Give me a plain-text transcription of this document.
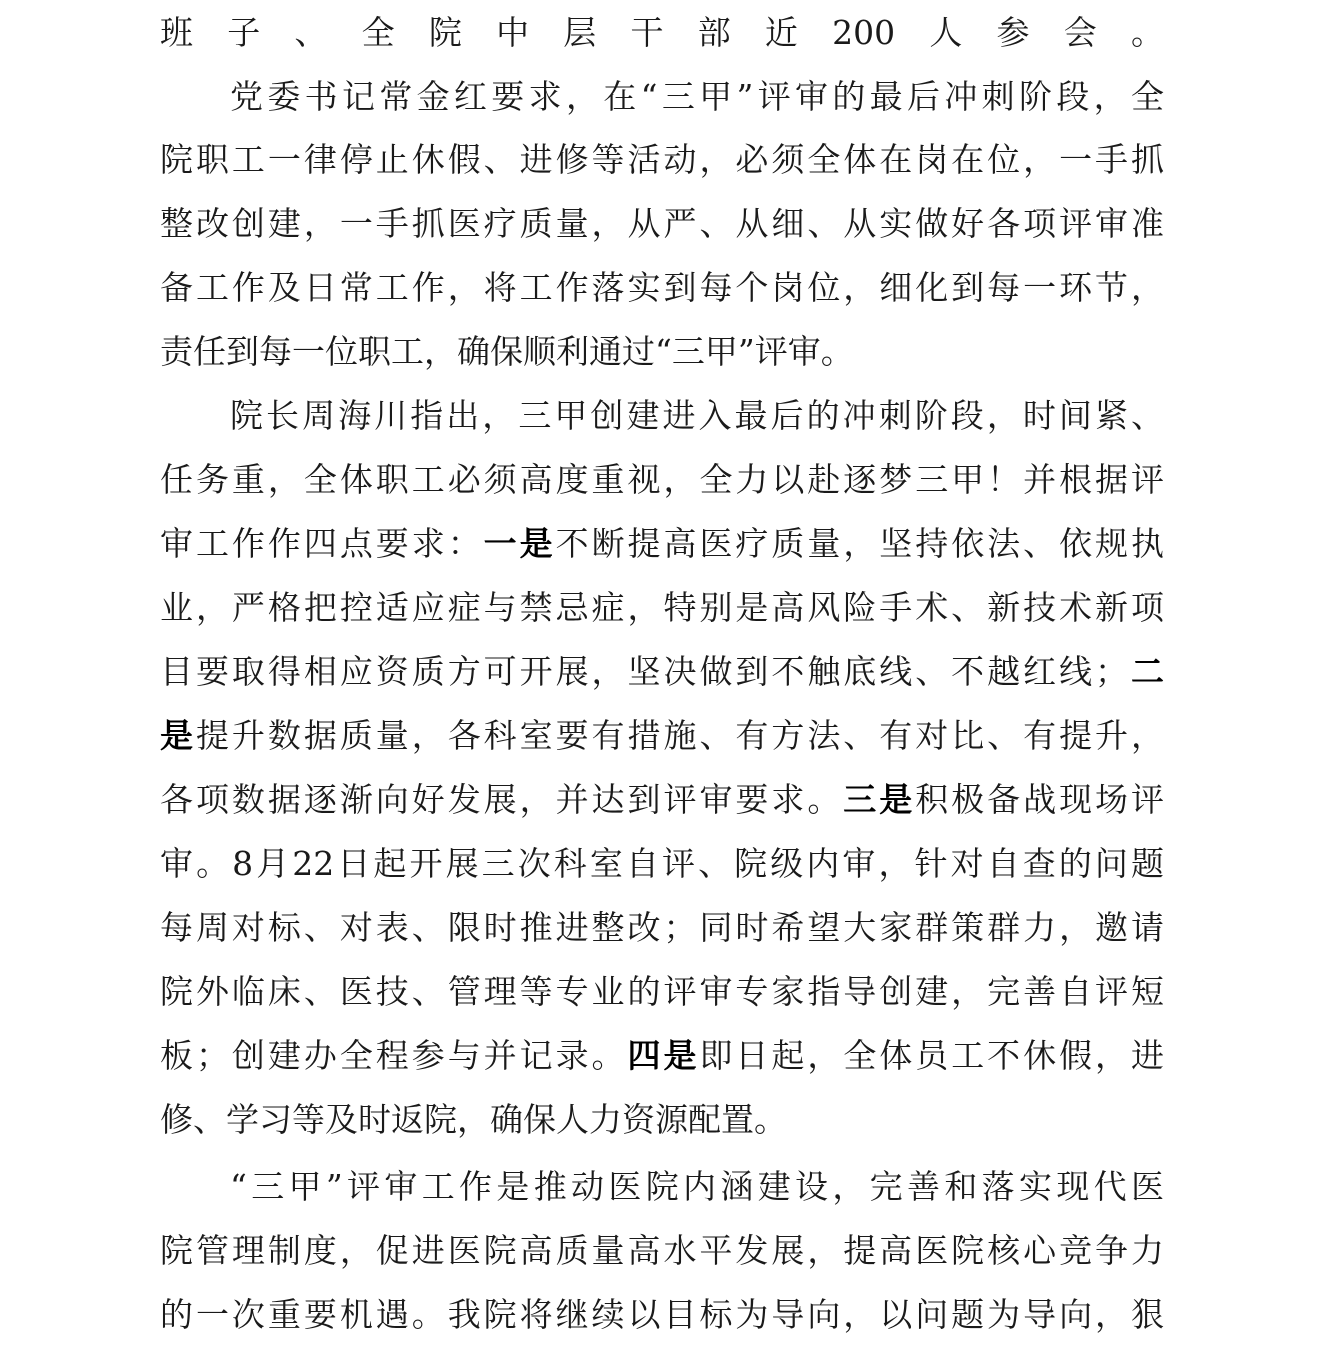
班子、全院中层干部近200人参会。
党委书记常金红要求，在“三甲”评审的最后冲刺阶段，全
院职工一律停止休假、进修等活动，必须全体在岗在位，一手抓
整改创建，一手抓医疗质量，从严、从细、从实做好各项评审准
备工作及日常工作，将工作落实到每个岗位，细化到每一环节，
责任到每一位职工，确保顺利通过“三甲”评审。
院长周海川指出，三甲创建进入最后的冲刺阶段，时间紧、
任务重，全体职工必须高度重视，全力以赴逐梦三甲！并根据评
审工作作四点要求：一是不断提高医疗质量，坚持依法、依规执
业，严格把控适应症与禁忌症，特别是高风险手术、新技术新项
目要取得相应资质方可开展，坚决做到不触底线、不越红线；二
是提升数据质量，各科室要有措施、有方法、有对比、有提升，
各项数据逐渐向好发展，并达到评审要求。三是积极备战现场评
审。8月22日起开展三次科室自评、院级内审，针对自查的问题
每周对标、对表、限时推进整改；同时希望大家群策群力，邀请
院外临床、医技、管理等专业的评审专家指导创建，完善自评短
板；创建办全程参与并记录。四是即日起，全体员工不休假，进
修、学习等及时返院，确保人力资源配置。
“三甲”评审工作是推动医院内涵建设，完善和落实现代医
院管理制度，促进医院高质量高水平发展，提高医院核心竞争力
的一次重要机遇。我院将继续以目标为导向，以问题为导向，狠
